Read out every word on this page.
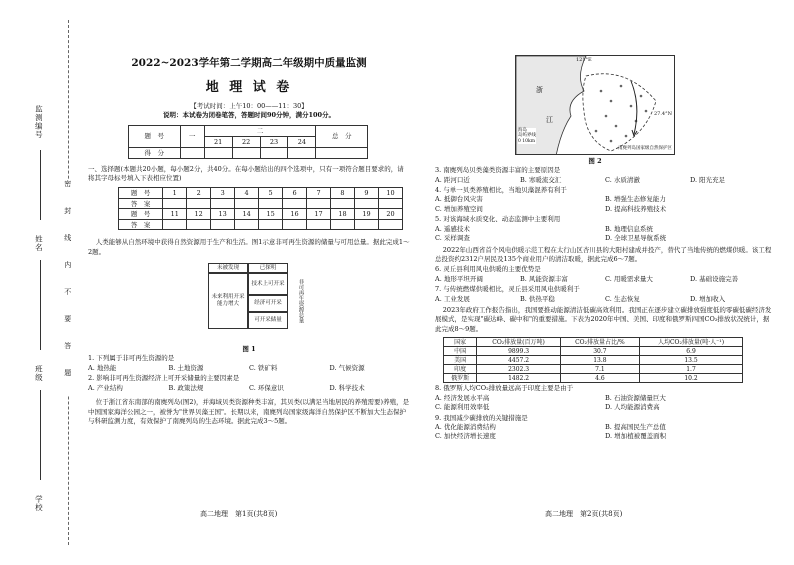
监测编号
姓名
班级
学校
密封线内不要答题
2022~2023学年第二学期高二年级期中质量监测
地 理 试 卷
【考试时间：上午10：00——11：30】
说明：本试卷为闭卷笔答，答题时间90分钟，满分100分。
题　号	一	二				总　分
		21	22	23	24	
得　分						
一、选择题(本题共20小题，每小题2分，共40分。在每小题给出的四个选项中，只有一项符合题目要求的，请将其字母标号填入下表相应位置)
题　号	1	2	3	4	5	6	7	8	9	10
答　案										
题　号	11	12	13	14	15	16	17	18	19	20
答　案										
人类能够从自然环境中获得自然资源用于生产和生活。图1示意非可再生资源的储量与可用总量。据此完成1～2题。
未被发现	已探明
未来利用开采能力增大
技术上可开采
经济可开采
可开采储量	非可再生资源总量
图 1
1. 下列属于非可再生资源的是
A. 地热能	B. 土地资源	C. 铁矿料	D. 气候资源
2. 影响非可再生资源经济上可开采储量的主要因素是
A. 产业结构	B. 政策法规	C. 环保意识	D. 科学技术
位于浙江省东南部的南麂列岛(图2)，并海域贝类资源种类丰富，其贝类(以满足当地居民的养殖需要)养殖，是中国国家海洋公园之一，被誉为"世界贝藻王国"。长期以来，南麂列岛国家级海洋自然保护区不断加大生态保护与科研监测力度，有效保护了南麂列岛的生态环境。据此完成3～5题。
高二地理　第1页(共8页)
121°E
27.4°N
浙
江
海岛
岛屿界线
0 10km
南麂列岛国家级自然保护区
图 2
3. 南麂列岛贝类藻类资源丰富的主要原因是
A. 距河口近	B. 寒暖流交汇	C. 水质清澈	D. 阳光充足
4. 与单一贝类养殖相比，当地贝藻混养有利于
A. 抵御台风灾害	B. 增强生态修复能力
C. 增加养殖空间	D. 提高科技养殖技术
5. 对该海域水质变化、动态监测中主要利用
A. 遥感技术	B. 地理信息系统
C. 采样调查	D. 全球卫星导航系统
2022年山西省首个风电供暖示范工程在太行山区杏川县的大阳村建成并投产，替代了当地传统的燃煤供暖。该工程总投资约2312户居民及135个商业用户的清洁取暖，据此完成6～7题。
6. 灵丘县利用风电供暖的主要优势是
A. 地形平坦开阔	B. 风能资源丰富	C. 用暖需求量大	D. 基础设施完善
7. 与传统燃煤供暖相比，灵丘县采用风电供暖利于
A. 工业发展	B. 供热平稳	C. 生态恢复	D. 增加收入
2023年政府工作报告指出，我国要推动能源清洁低碳高效利用。我国正在逐步建立碳排放强度低的零碳低碳经济发展模式，是实现"碳达峰、碳中和"的重要措施。下表为2020年中国、美国、印度和俄罗斯四国CO₂排放状况统计，据此完成8～9题。
国家	CO₂排放量(百万吨)	CO₂排放量占比/%	人均CO₂排放量(吨·人⁻¹)
中国	9899.3	30.7	6.9
美国	4457.2	13.8	13.5
印度	2302.3	7.1	1.7
俄罗斯	1482.2	4.6	10.2
8. 俄罗斯人均CO₂排放量远高于印度主要是由于
A. 经济发展水平高	B. 石油资源储量巨大
C. 能源利用效率低	D. 人均能源消费高
9. 我国减少碳排放的关键措施是
A. 优化能源消费结构	B. 提高国民生产总值
C. 加快经济增长速度	D. 增加植被覆盖面积
高二地理　第2页(共8页)
